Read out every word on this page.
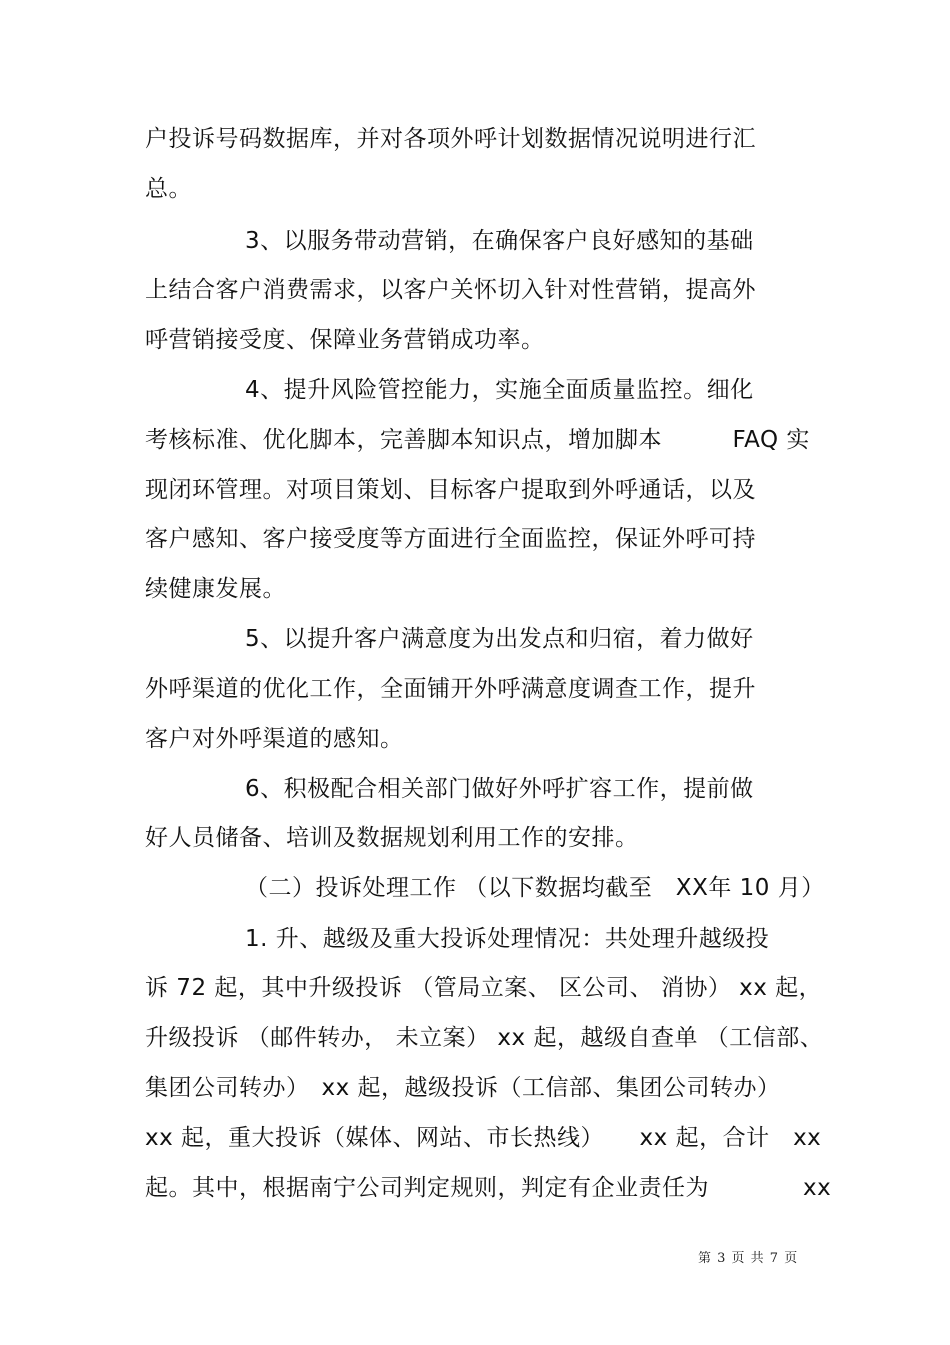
户投诉号码数据库，并对各项外呼计划数据情况说明进行汇
总。
3、以服务带动营销，在确保客户良好感知的基础
上结合客户消费需求，以客户关怀切入针对性营销，提高外
呼营销接受度、保障业务营销成功率。
4、提升风险管控能力，实施全面质量监控。细化
考核标准、优化脚本，完善脚本知识点，增加脚本　　　FAQ 实
现闭环管理。对项目策划、目标客户提取到外呼通话，以及
客户感知、客户接受度等方面进行全面监控，保证外呼可持
续健康发展。
5、以提升客户满意度为出发点和归宿，着力做好
外呼渠道的优化工作，全面铺开外呼满意度调查工作，提升
客户对外呼渠道的感知。
6、积极配合相关部门做好外呼扩容工作，提前做
好人员储备、培训及数据规划利用工作的安排。
（二）投诉处理工作 （以下数据均截至　XX年 10 月）
1. 升、越级及重大投诉处理情况：共处理升越级投
诉 72 起，其中升级投诉 （管局立案、 区公司、 消协） xx 起，
升级投诉 （邮件转办， 未立案） xx 起，越级自查单 （工信部、
集团公司转办）　xx 起，越级投诉（工信部、集团公司转办）
xx 起，重大投诉（媒体、网站、市长热线）　　xx 起，合计　xx
起。其中，根据南宁公司判定规则，判定有企业责任为　　　　xx
第 3 页 共 7 页
